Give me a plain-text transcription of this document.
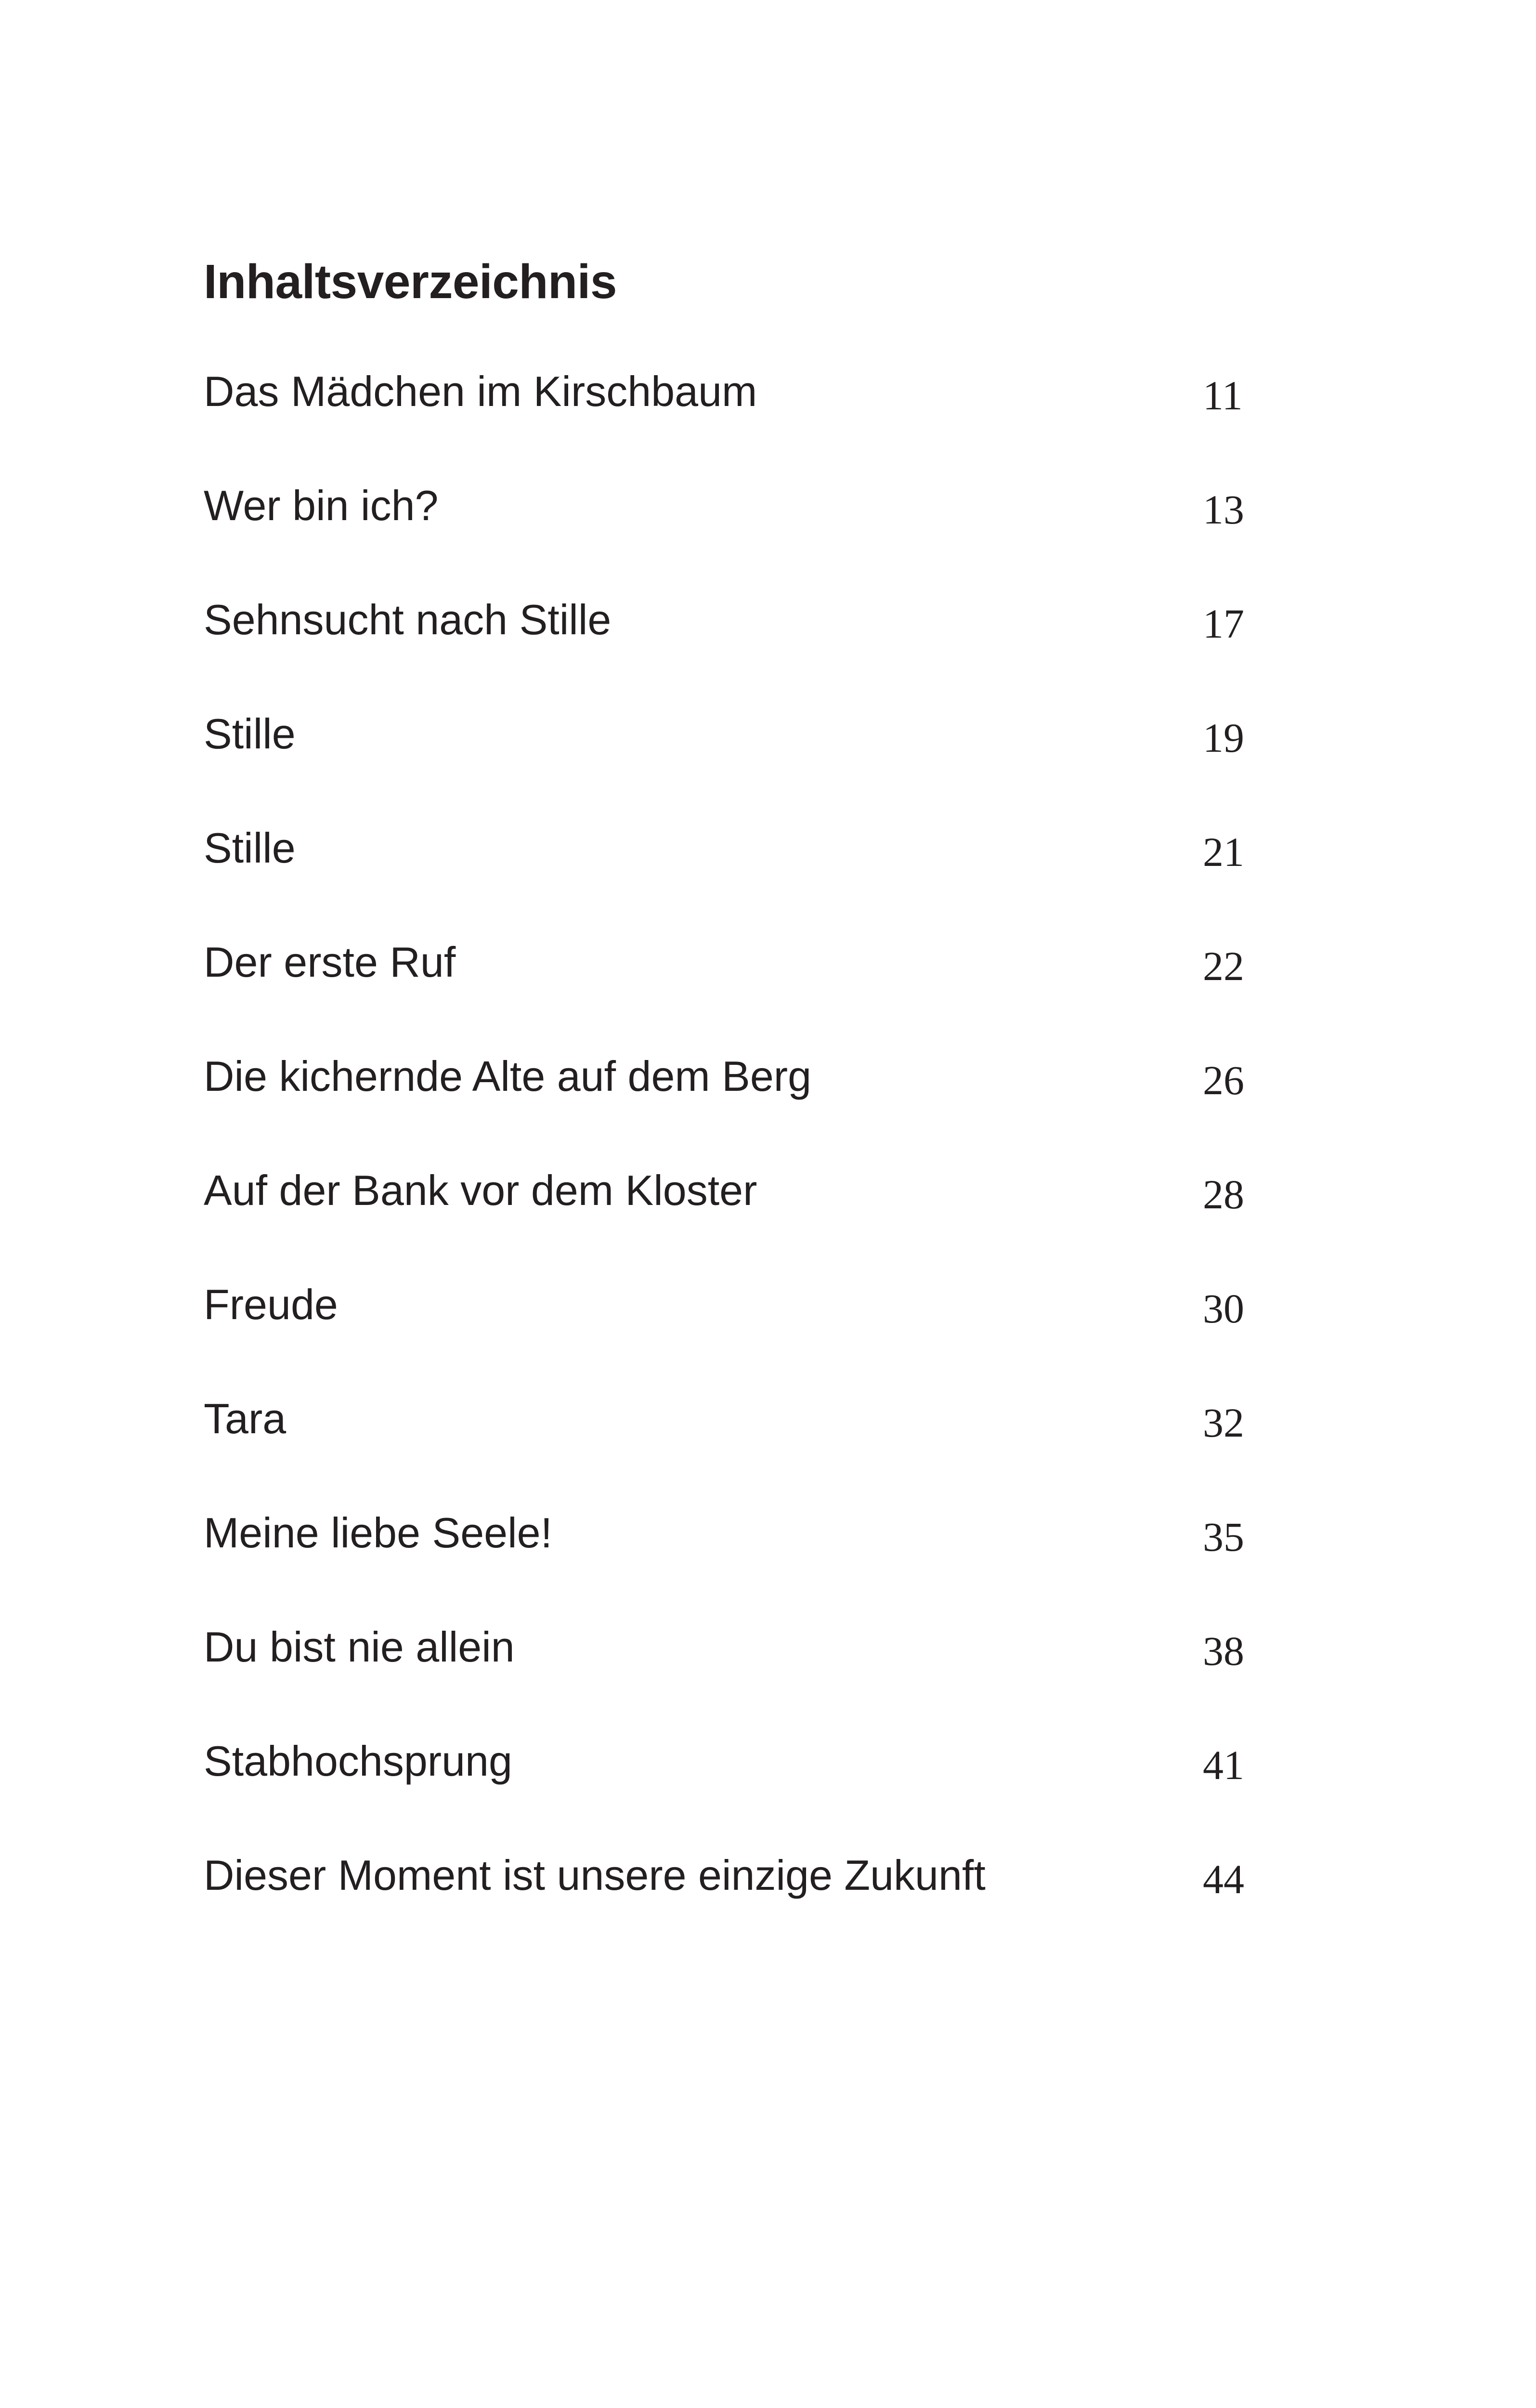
Inhaltsverzeichnis
Das Mädchen im Kirschbaum	11
Wer bin ich?	13
Sehnsucht nach Stille	17
Stille	19
Stille	21
Der erste Ruf	22
Die kichernde Alte auf dem Berg	26
Auf der Bank vor dem Kloster	28
Freude	30
Tara	32
Meine liebe Seele!	35
Du bist nie allein	38
Stabhochsprung	41
Dieser Moment ist unsere einzige Zukunft	44
